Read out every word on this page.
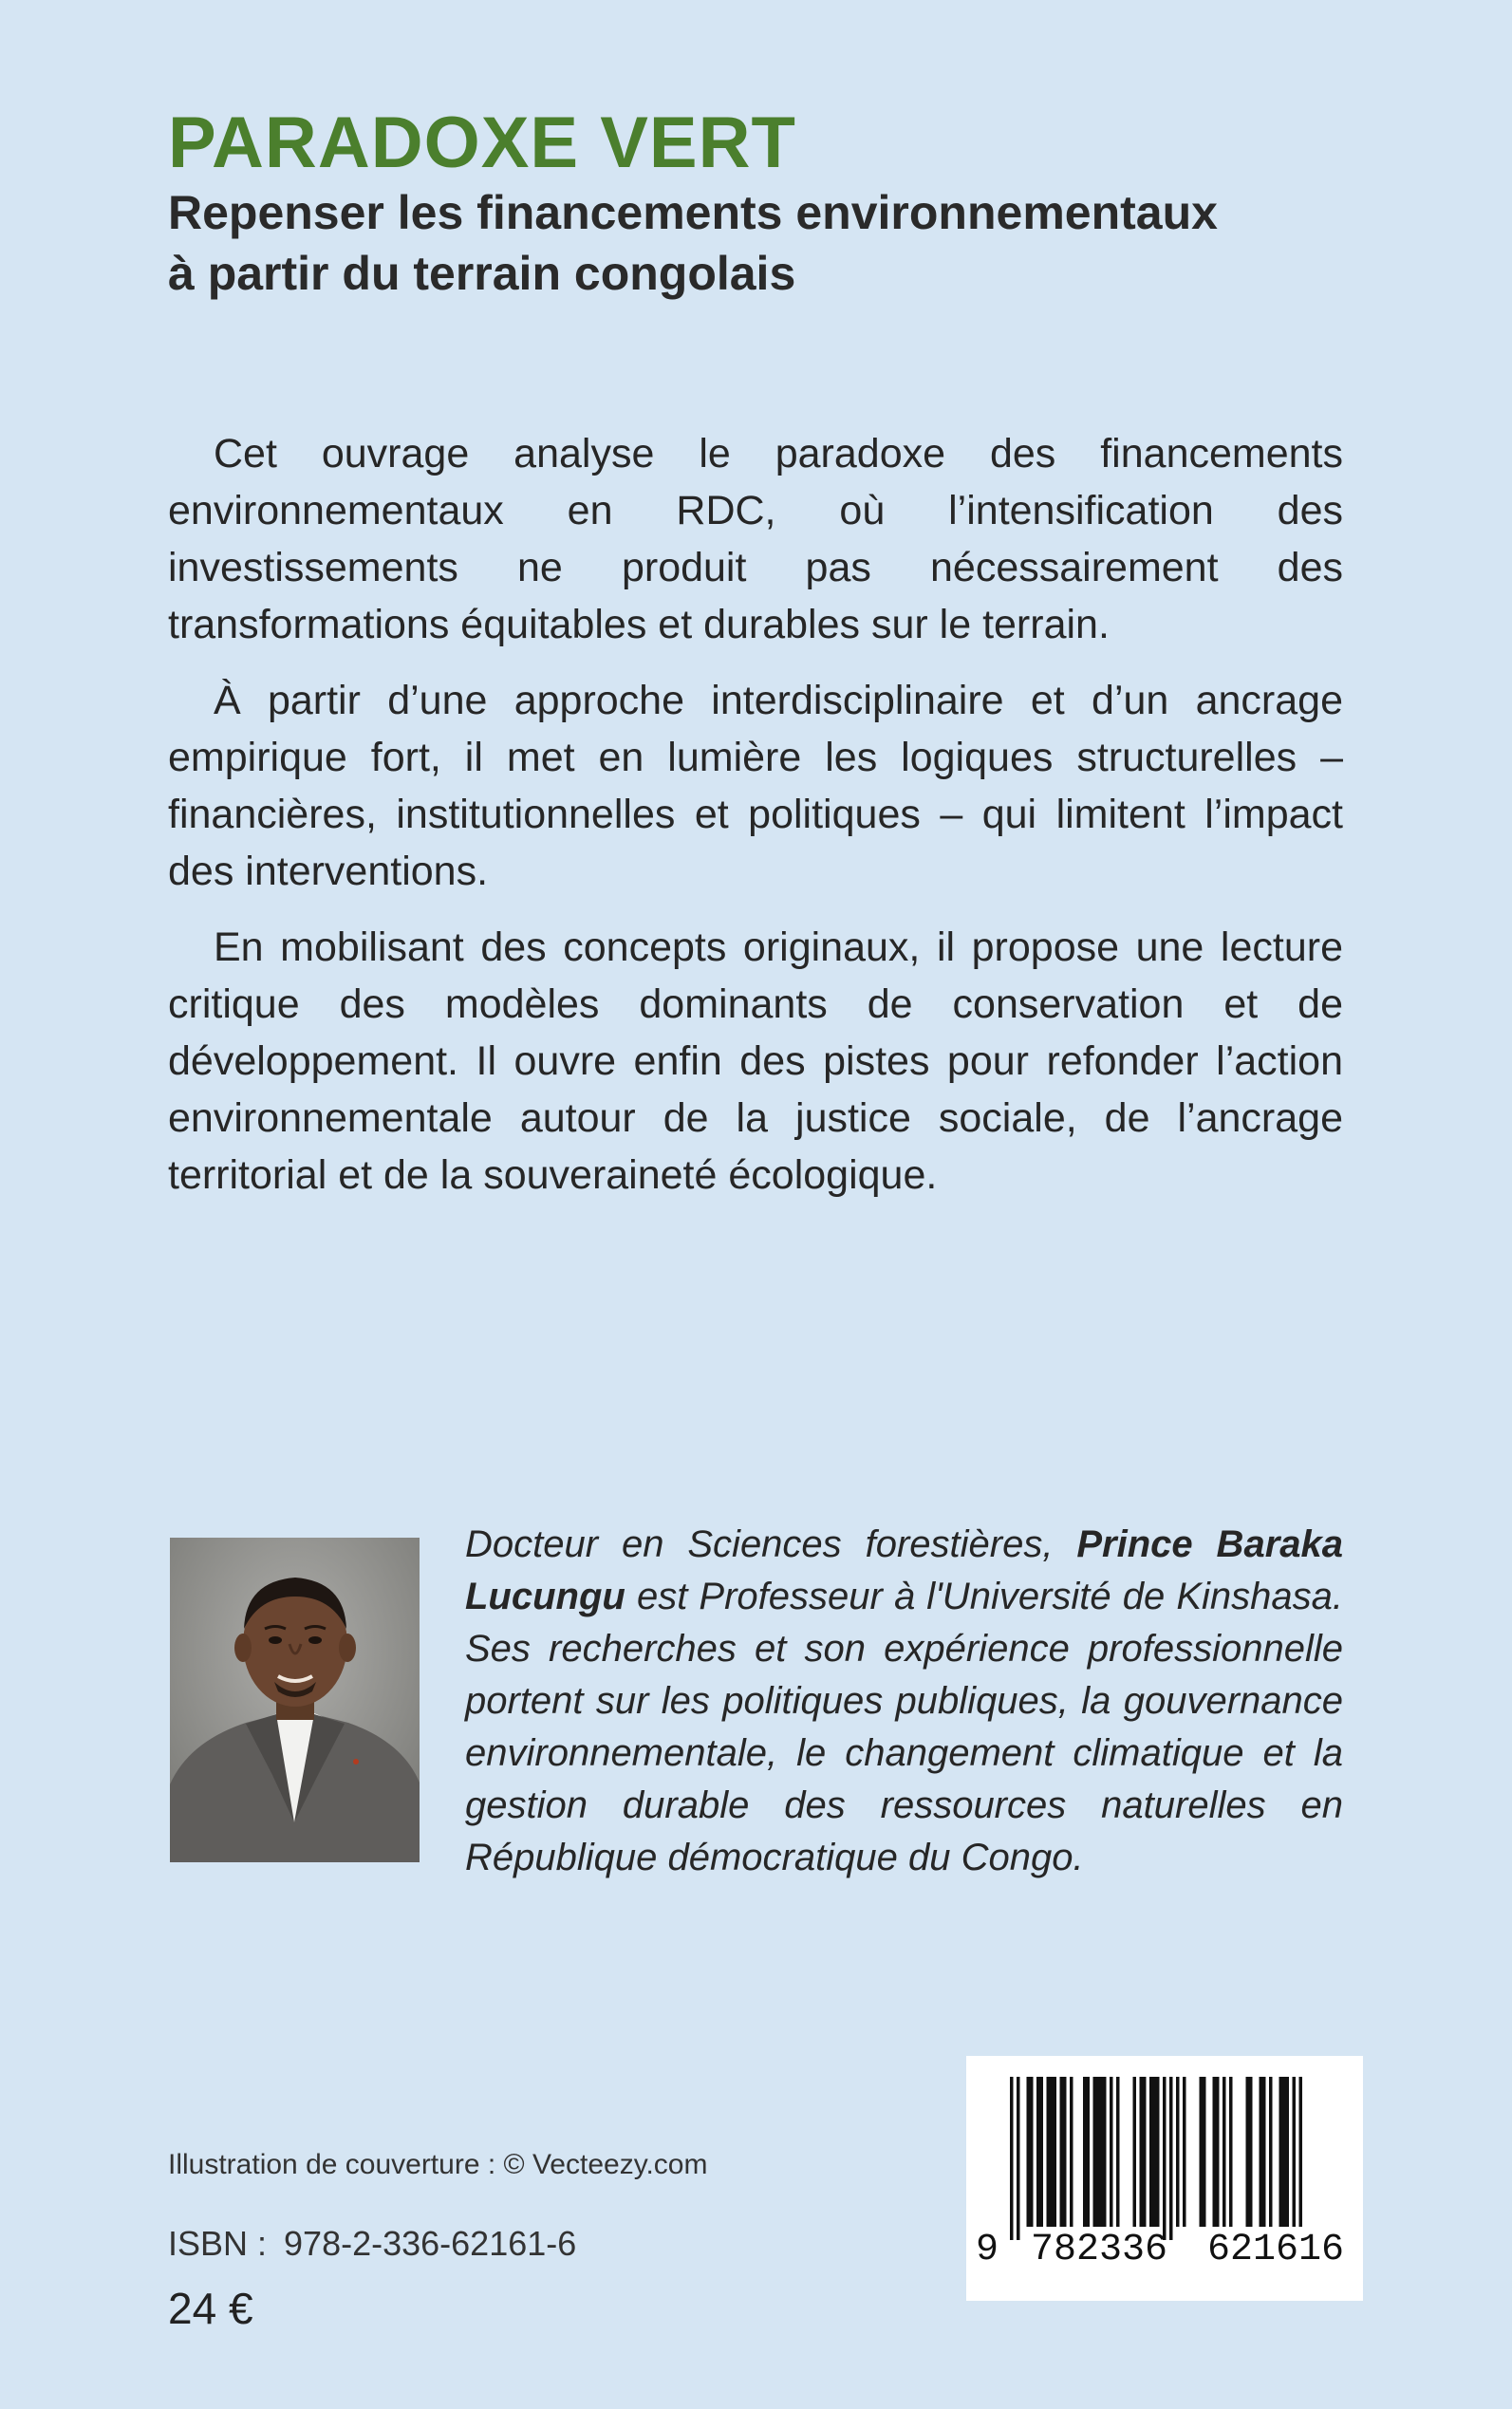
PARADOXE VERT
Repenser les financements environnementaux
à partir du terrain congolais

Cet ouvrage analyse le paradoxe des financements environnementaux en RDC, où l’intensification des investissements ne produit pas nécessairement des transformations équitables et durables sur le terrain.

À partir d’une approche interdisciplinaire et d’un ancrage empirique fort, il met en lumière les logiques structurelles – financières, institutionnelles et politiques – qui limitent l’impact des interventions.

En mobilisant des concepts originaux, il propose une lecture critique des modèles dominants de conservation et de développement. Il ouvre enfin des pistes pour refonder l’action environnementale autour de la justice sociale, de l’ancrage territorial et de la souveraineté écologique.

Docteur en Sciences forestières, Prince Baraka Lucungu est Professeur à l'Université de Kinshasa. Ses recherches et son expérience professionnelle portent sur les politiques publiques, la gouvernance environnementale, le changement climatique et la gestion durable des ressources naturelles en République démocratique du Congo.

Illustration de couverture : © Vecteezy.com
ISBN : 978-2-336-62161-6
24 €
9 782336 621616
